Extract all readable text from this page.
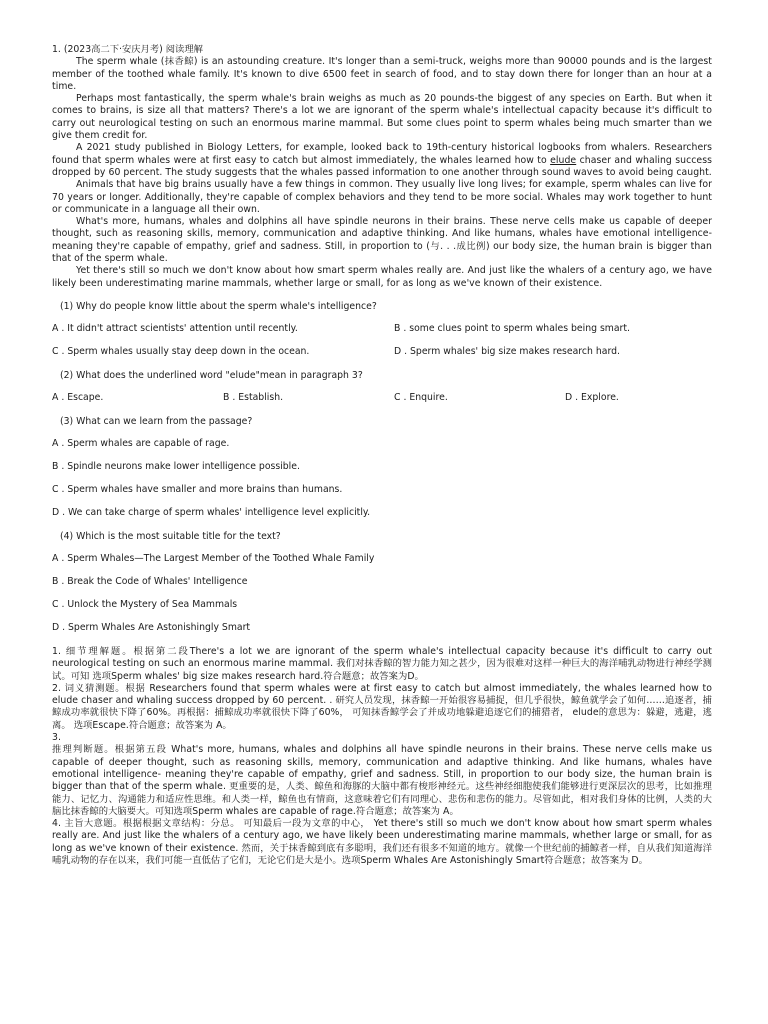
1. (2023高二下·安庆月考) 阅读理解

The sperm whale (抹香鲸) is an astounding creature. It's longer than a semi-truck, weighs more than 90000 pounds and is the largest member of the toothed whale family. It's known to dive 6500 feet in search of food, and to stay down there for longer than an hour at a time.

Perhaps most fantastically, the sperm whale's brain weighs as much as 20 pounds-the biggest of any species on Earth. But when it comes to brains, is size all that matters? There's a lot we are ignorant of the sperm whale's intellectual capacity because it's difficult to carry out neurological testing on such an enormous marine mammal. But some clues point to sperm whales being much smarter than we give them credit for.

A 2021 study published in Biology Letters, for example, looked back to 19th-century historical logbooks from whalers. Researchers found that sperm whales were at first easy to catch but almost immediately, the whales learned how to elude chaser and whaling success dropped by 60 percent. The study suggests that the whales passed information to one another through sound waves to avoid being caught.

Animals that have big brains usually have a few things in common. They usually live long lives; for example, sperm whales can live for 70 years or longer. Additionally, they're capable of complex behaviors and they tend to be more social. Whales may work together to hunt or communicate in a language all their own.

What's more, humans, whales and dolphins all have spindle neurons in their brains. These nerve cells make us capable of deeper thought, such as reasoning skills, memory, communication and adaptive thinking. And like humans, whales have emotional intelligence- meaning they're capable of empathy, grief and sadness. Still, in proportion to (与. . .成比例) our body size, the human brain is bigger than that of the sperm whale.

Yet there's still so much we don't know about how smart sperm whales really are. And just like the whalers of a century ago, we have likely been underestimating marine mammals, whether large or small, for as long as we've known of their existence.

(1) Why do people know little about the sperm whale's intelligence?

A . It didn't attract scientists' attention until recently.	B . some clues point to sperm whales being smart.
C . Sperm whales usually stay deep down in the ocean.	D . Sperm whales' big size makes research hard.

(2) What does the underlined word "elude"mean in paragraph 3?

A . Escape.	B . Establish.	C . Enquire.	D . Explore.

(3) What can we learn from the passage?

A . Sperm whales are capable of rage.
B . Spindle neurons make lower intelligence possible.
C . Sperm whales have smaller and more brains than humans.
D . We can take charge of sperm whales' intelligence level explicitly.

(4) Which is the most suitable title for the text?

A . Sperm Whales—The Largest Member of the Toothed Whale Family
B . Break the Code of Whales' Intelligence
C . Unlock the Mystery of Sea Mammals
D . Sperm Whales Are Astonishingly Smart

1. 细节理解题。根据第二段There's a lot we are ignorant of the sperm whale's intellectual capacity because it's difficult to carry out neurological testing on such an enormous marine mammal. 我们对抹香鲸的智力能力知之甚少，因为很难对这样一种巨大的海洋哺乳动物进行神经学测试。可知 选项Sperm whales' big size makes research hard.符合题意；故答案为D。

2. 词义猜测题。根据 Researchers found that sperm whales were at first easy to catch but almost immediately, the whales learned how to elude chaser and whaling success dropped by 60 percent. . 研究人员发现，抹香鲸一开始很容易捕捉，但几乎很快，鲸鱼就学会了如何……追逐者，捕鲸成功率就很快下降了60%。再根据：捕鲸成功率就很快下降了60%， 可知抹香鲸学会了并成功地躲避追逐它们的捕猎者， elude的意思为：躲避，逃避，逃离。 选项Escape.符合题意；故答案为 A。

3.

推理判断题。根据第五段 What's more, humans, whales and dolphins all have spindle neurons in their brains. These nerve cells make us capable of deeper thought, such as reasoning skills, memory, communication and adaptive thinking. And like humans, whales have emotional intelligence- meaning they're capable of empathy, grief and sadness. Still, in proportion to our body size, the human brain is bigger than that of the sperm whale. 更重要的是，人类、鲸鱼和海豚的大脑中都有梭形神经元。这些神经细胞使我们能够进行更深层次的思考，比如推理能力、记忆力、沟通能力和适应性思维。和人类一样，鲸鱼也有情商，这意味着它们有同理心、悲伤和悲伤的能力。尽管如此，相对我们身体的比例，人类的大脑比抹香鲸的大脑要大。可知选项Sperm whales are capable of rage.符合题意；故答案为 A。

4. 主旨大意题。根据根据文章结构：分总。 可知最后一段为文章的中心， Yet there's still so much we don't know about how smart sperm whales really are. And just like the whalers of a century ago, we have likely been underestimating marine mammals, whether large or small, for as long as we've known of their existence. 然而，关于抹香鲸到底有多聪明，我们还有很多不知道的地方。就像一个世纪前的捕鲸者一样，自从我们知道海洋哺乳动物的存在以来，我们可能一直低估了它们，无论它们是大是小。选项Sperm Whales Are Astonishingly Smart符合题意；故答案为 D。
